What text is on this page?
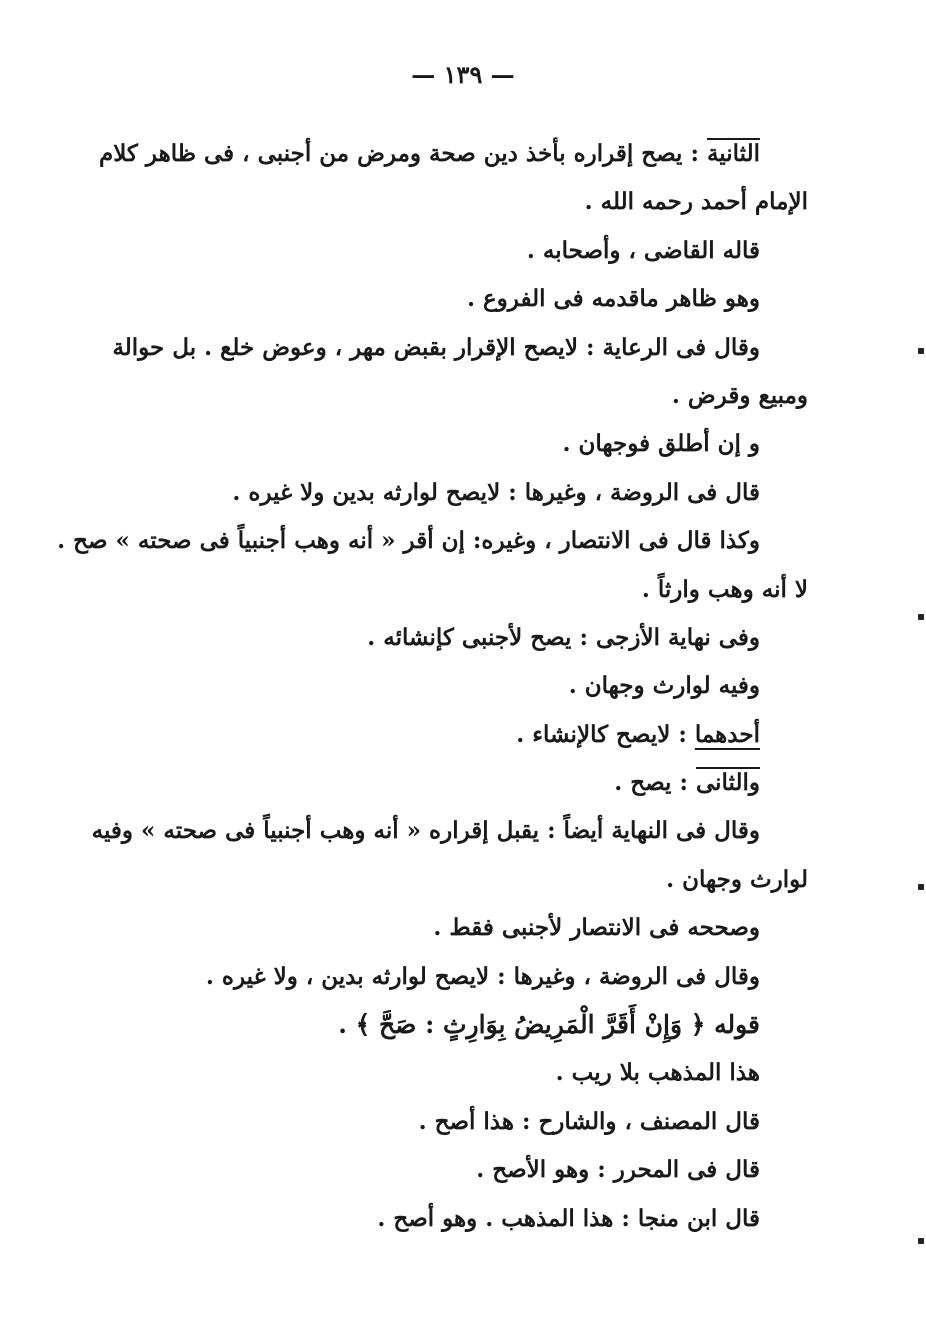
— ١٣٩ —
الثانية : يصح إقراره بأخذ دين صحة ومرض من أجنبى ، فى ظاهر كلام
الإمام أحمد رحمه الله .
قاله القاضى ، وأصحابه .
وهو ظاهر ماقدمه فى الفروع .
وقال فى الرعاية : لايصح الإقرار بقبض مهر ، وعوض خلع . بل حوالة
ومبيع وقرض .
و إن أطلق فوجهان .
قال فى الروضة ، وغيرها : لايصح لوارثه بدين ولا غيره .
وكذا قال فى الانتصار ، وغيره: إن أقر « أنه وهب أجنبياً فى صحته » صح .
لا أنه وهب وارثاً .
وفى نهاية الأزجى : يصح لأجنبى كإنشائه .
وفيه لوارث وجهان .
أحدهما : لايصح كالإنشاء .
والثانى : يصح .
وقال فى النهاية أيضاً : يقبل إقراره « أنه وهب أجنبياً فى صحته » وفيه
لوارث وجهان .
وصححه فى الانتصار لأجنبى فقط .
وقال فى الروضة ، وغيرها : لايصح لوارثه بدين ، ولا غيره .
قوله ﴿ وَإِنْ أَقَرَّ الْمَرِيضُ بِوَارِثٍ : صَحَّ ﴾ .
هذا المذهب بلا ريب .
قال المصنف ، والشارح : هذا أصح .
قال فى المحرر : وهو الأصح .
قال ابن منجا : هذا المذهب . وهو أصح .
